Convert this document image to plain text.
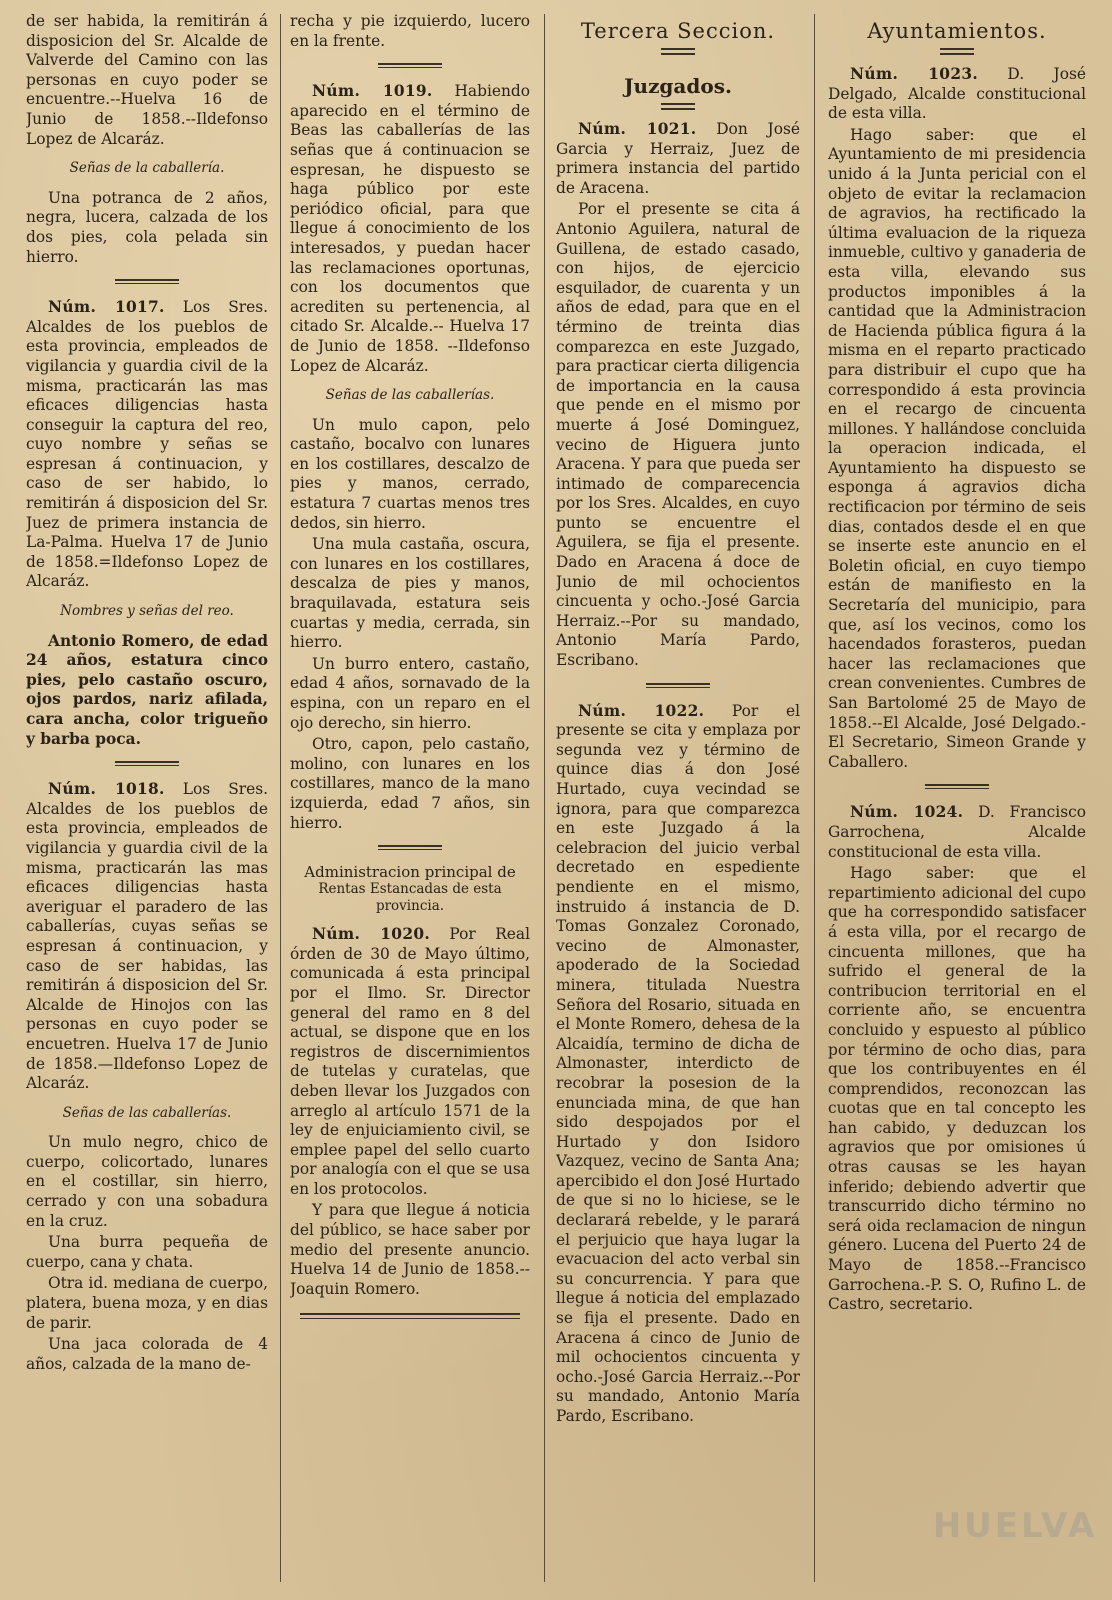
de ser habida, la remitirán á disposicion del Sr. Alcalde de Valverde del Camino con las personas en cuyo poder se encuentre.--Huelva 16 de Junio de 1858.--Ildefonso Lopez de Alcaráz.

Señas de la caballería.

Una potranca de 2 años, negra, lucera, calzada de los dos pies, cola pelada sin hierro.

Núm. 1017. Los Sres. Alcaldes de los pueblos de esta provincia, empleados de vigilancia y guardia civil de la misma, practicarán las mas eficaces diligencias hasta conseguir la captura del reo, cuyo nombre y señas se espresan á continuacion, y caso de ser habido, lo remitirán á disposicion del Sr. Juez de primera instancia de La-Palma. Huelva 17 de Junio de 1858.=Ildefonso Lopez de Alcaráz.

Nombres y señas del reo.

Antonio Romero, de edad 24 años, estatura cinco pies, pelo castaño oscuro, ojos pardos, nariz afilada, cara ancha, color trigueño y barba poca.

Núm. 1018. Los Sres. Alcaldes de los pueblos de esta provincia, empleados de vigilancia y guardia civil de la misma, practicarán las mas eficaces diligencias hasta averiguar el paradero de las caballerías, cuyas señas se espresan á continuacion, y caso de ser habidas, las remitirán á disposicion del Sr. Alcalde de Hinojos con las personas en cuyo poder se encuetren. Huelva 17 de Junio de 1858.—Ildefonso Lopez de Alcaráz.

Señas de las caballerías.

Un mulo negro, chico de cuerpo, colicortado, lunares en el costillar, sin hierro, cerrado y con una sobadura en la cruz.

Una burra pequeña de cuerpo, cana y chata.

Otra id. mediana de cuerpo, platera, buena moza, y en dias de parir.

Una jaca colorada de 4 años, calzada de la mano de-

recha y pie izquierdo, lucero en la frente.

Núm. 1019. Habiendo aparecido en el término de Beas las caballerías de las señas que á continuacion se espresan, he dispuesto se haga público por este periódico oficial, para que llegue á conocimiento de los interesados, y puedan hacer las reclamaciones oportunas, con los documentos que acrediten su pertenencia, al citado Sr. Alcalde.-- Huelva 17 de Junio de 1858. --Ildefonso Lopez de Alcaráz.

Señas de las caballerías.

Un mulo capon, pelo castaño, bocalvo con lunares en los costillares, descalzo de pies y manos, cerrado, estatura 7 cuartas menos tres dedos, sin hierro.

Una mula castaña, oscura, con lunares en los costillares, descalza de pies y manos, braquilavada, estatura seis cuartas y media, cerrada, sin hierro.

Un burro entero, castaño, edad 4 años, sornavado de la espina, con un reparo en el ojo derecho, sin hierro.

Otro, capon, pelo castaño, molino, con lunares en los costillares, manco de la mano izquierda, edad 7 años, sin hierro.

Administracion principal de
Rentas Estancadas de esta
provincia.

Núm. 1020. Por Real órden de 30 de Mayo último, comunicada á esta principal por el Ilmo. Sr. Director general del ramo en 8 del actual, se dispone que en los registros de discernimientos de tutelas y curatelas, que deben llevar los Juzgados con arreglo al artículo 1571 de la ley de enjuiciamiento civil, se emplee papel del sello cuarto por analogía con el que se usa en los protocolos.

Y para que llegue á noticia del público, se hace saber por medio del presente anuncio. Huelva 14 de Junio de 1858.--Joaquin Romero.

Tercera Seccion.
Juzgados.

Núm. 1021. Don José Garcia y Herraiz, Juez de primera instancia del partido de Aracena.

Por el presente se cita á Antonio Aguilera, natural de Guillena, de estado casado, con hijos, de ejercicio esquilador, de cuarenta y un años de edad, para que en el término de treinta dias comparezca en este Juzgado, para practicar cierta diligencia de importancia en la causa que pende en el mismo por muerte á José Dominguez, vecino de Higuera junto Aracena. Y para que pueda ser intimado de comparecencia por los Sres. Alcaldes, en cuyo punto se encuentre el Aguilera, se fija el presente. Dado en Aracena á doce de Junio de mil ochocientos cincuenta y ocho.-José Garcia Herraiz.--Por su mandado, Antonio María Pardo, Escribano.

Núm. 1022. Por el presente se cita y emplaza por segunda vez y término de quince dias á don José Hurtado, cuya vecindad se ignora, para que comparezca en este Juzgado á la celebracion del juicio verbal decretado en espediente pendiente en el mismo, instruido á instancia de D. Tomas Gonzalez Coronado, vecino de Almonaster, apoderado de la Sociedad minera, titulada Nuestra Señora del Rosario, situada en el Monte Romero, dehesa de la Alcaidía, termino de dicha de Almonaster, interdicto de recobrar la posesion de la enunciada mina, de que han sido despojados por el Hurtado y don Isidoro Vazquez, vecino de Santa Ana; apercibido el don José Hurtado de que si no lo hiciese, se le declarará rebelde, y le parará el perjuicio que haya lugar la evacuacion del acto verbal sin su concurrencia. Y para que llegue á noticia del emplazado se fija el presente. Dado en Aracena á cinco de Junio de mil ochocientos cincuenta y ocho.-José Garcia Herraiz.--Por su mandado, Antonio María Pardo, Escribano.

Ayuntamientos.

Núm. 1023. D. José Delgado, Alcalde constitucional de esta villa.

Hago saber: que el Ayuntamiento de mi presidencia unido á la Junta pericial con el objeto de evitar la reclamacion de agravios, ha rectificado la última evaluacion de la riqueza inmueble, cultivo y ganaderia de esta villa, elevando sus productos imponibles á la cantidad que la Administracion de Hacienda pública figura á la misma en el reparto practicado para distribuir el cupo que ha correspondido á esta provincia en el recargo de cincuenta millones. Y hallándose concluida la operacion indicada, el Ayuntamiento ha dispuesto se esponga á agravios dicha rectificacion por término de seis dias, contados desde el en que se inserte este anuncio en el Boletin oficial, en cuyo tiempo están de manifiesto en la Secretaría del municipio, para que, así los vecinos, como los hacendados forasteros, puedan hacer las reclamaciones que crean convenientes. Cumbres de San Bartolomé 25 de Mayo de 1858.--El Alcalde, José Delgado.-El Secretario, Simeon Grande y Caballero.

Núm. 1024. D. Francisco Garrochena, Alcalde constitucional de esta villa.

Hago saber: que el repartimiento adicional del cupo que ha correspondido satisfacer á esta villa, por el recargo de cincuenta millones, que ha sufrido el general de la contribucion territorial en el corriente año, se encuentra concluido y espuesto al público por término de ocho dias, para que los contribuyentes en él comprendidos, reconozcan las cuotas que en tal concepto les han cabido, y deduzcan los agravios que por omisiones ú otras causas se les hayan inferido; debiendo advertir que transcurrido dicho término no será oida reclamacion de ningun género. Lucena del Puerto 24 de Mayo de 1858.--Francisco Garrochena.-P. S. O, Rufino L. de Castro, secretario.

HUELVA
